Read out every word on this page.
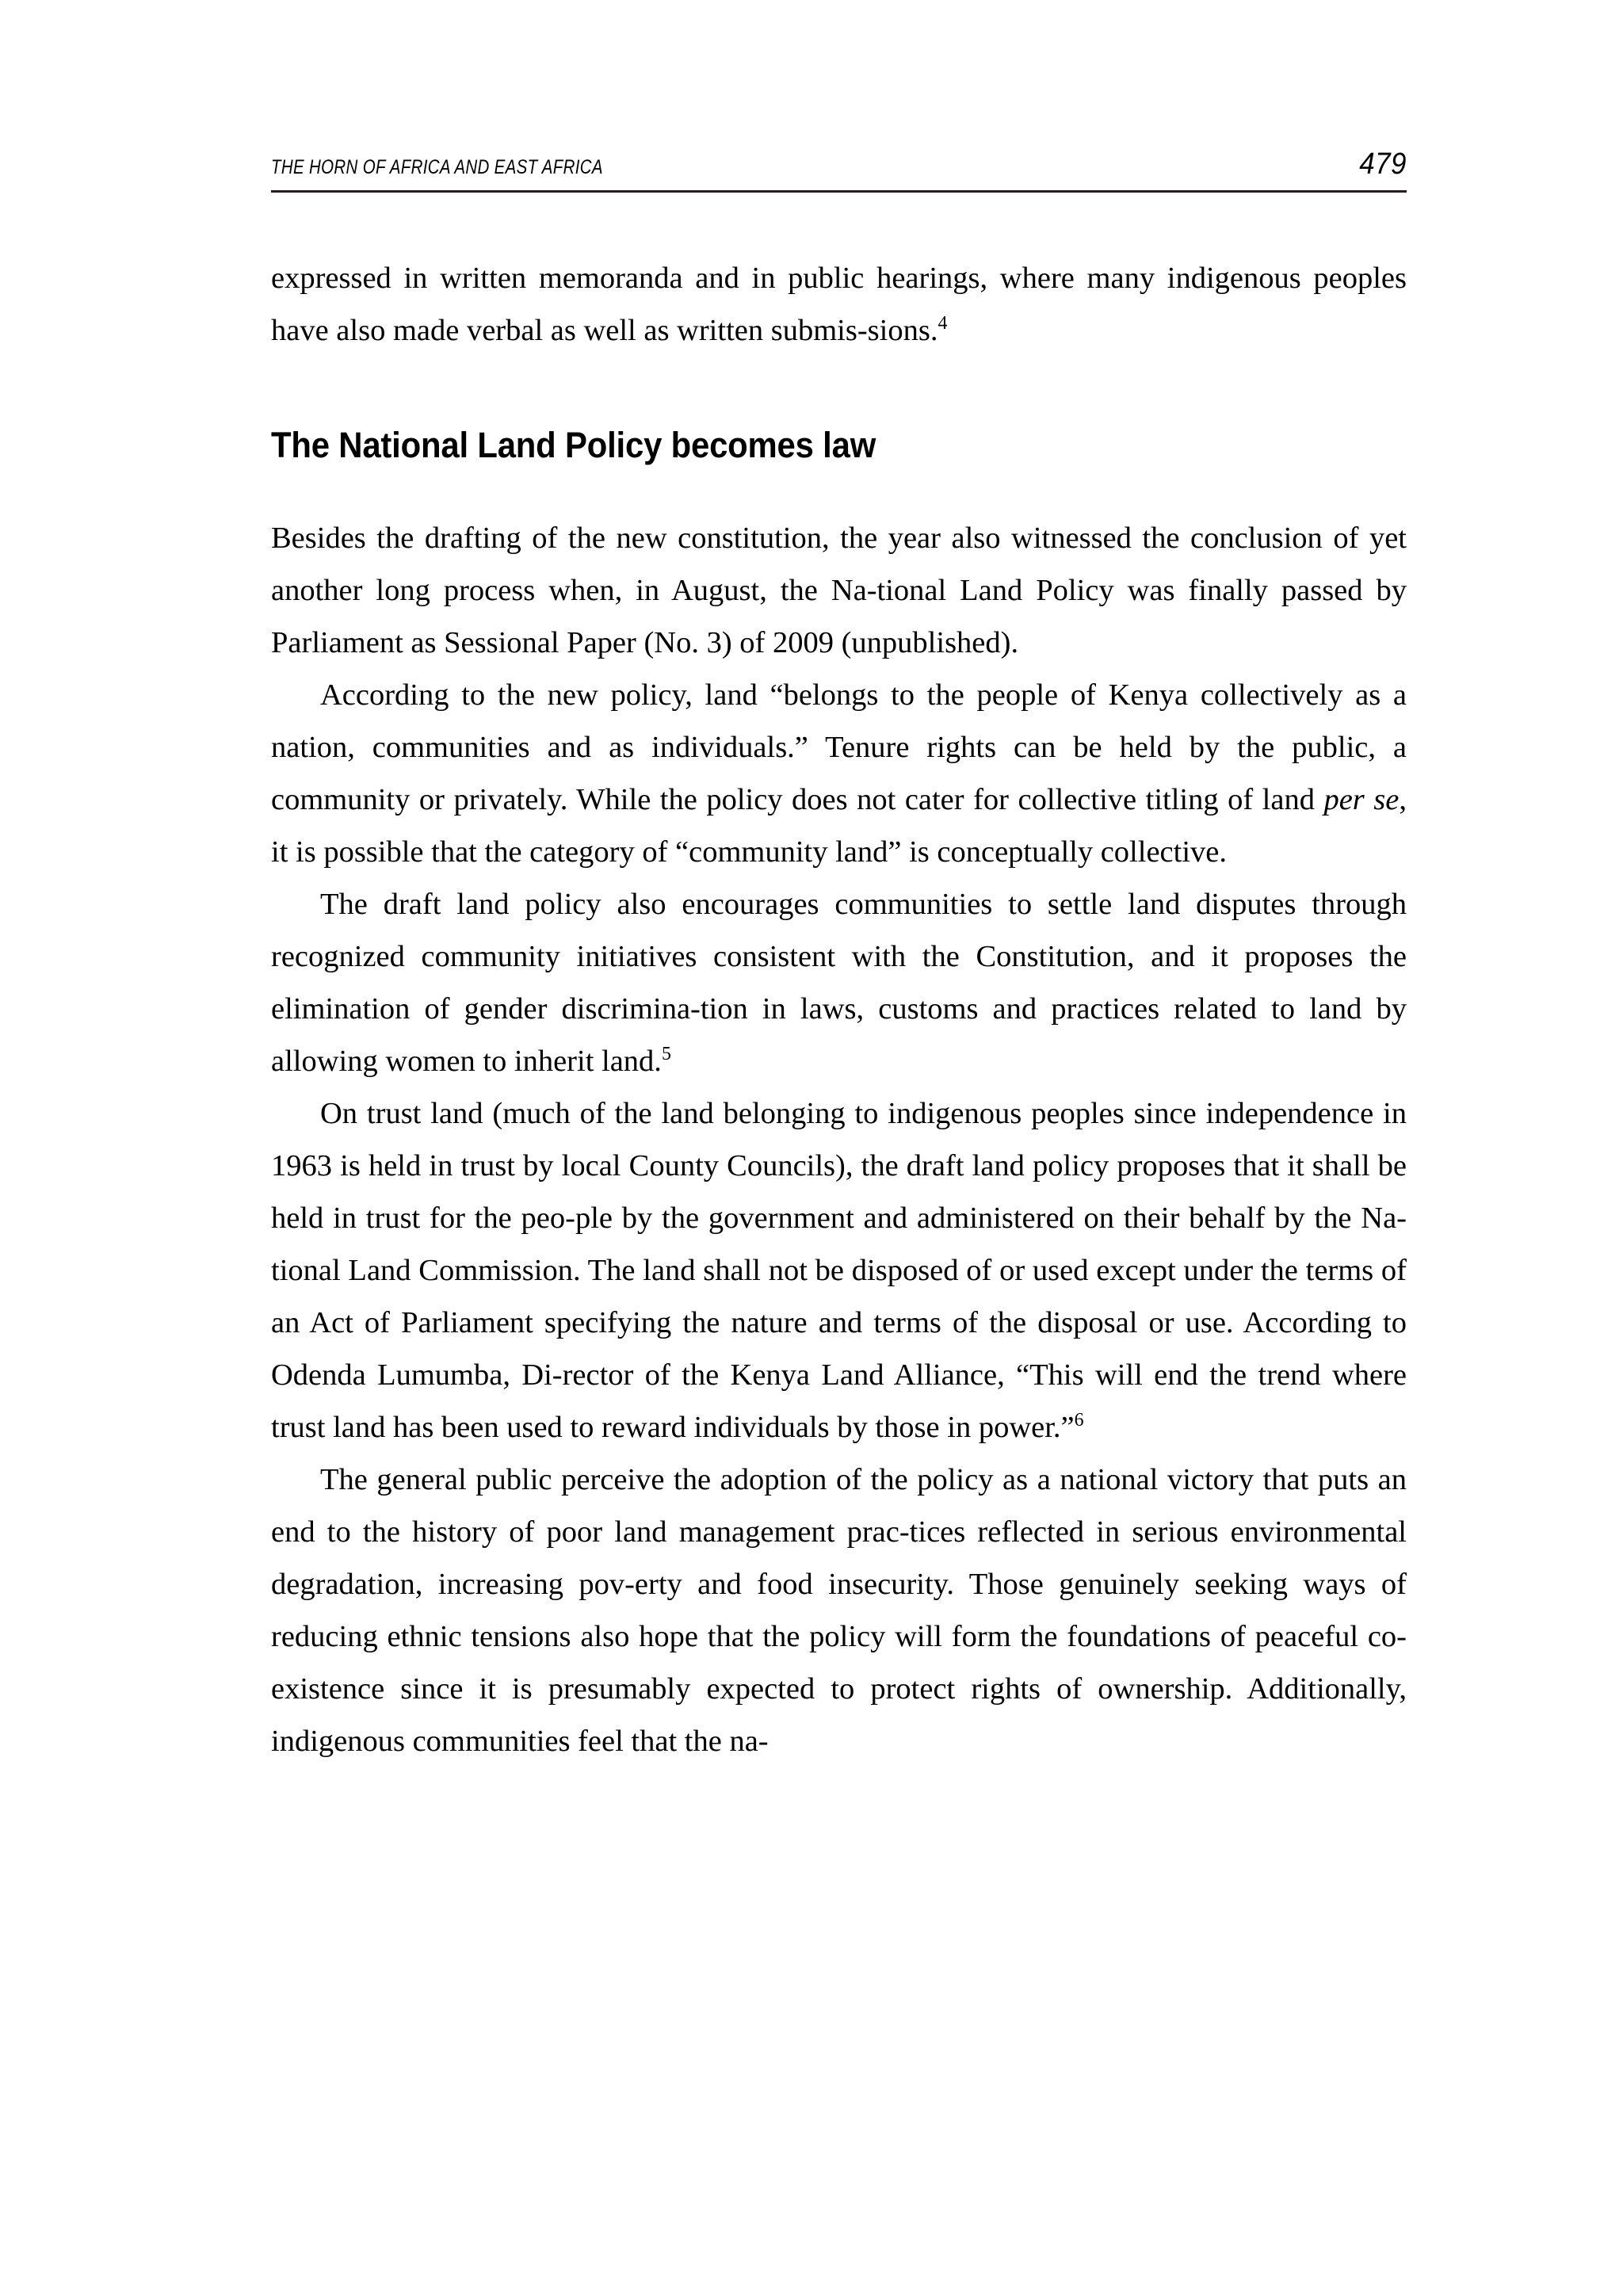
THE HORN OF AFRICA AND EAST AFRICA	479

expressed in written memoranda and in public hearings, where many indigenous peoples have also made verbal as well as written submis-sions.$^4$

The National Land Policy becomes law

Besides the drafting of the new constitution, the year also witnessed the conclusion of yet another long process when, in August, the Na-tional Land Policy was finally passed by Parliament as Sessional Paper (No. 3) of 2009 (unpublished).

According to the new policy, land “belongs to the people of Kenya collectively as a nation, communities and as individuals.” Tenure rights can be held by the public, a community or privately. While the policy does not cater for collective titling of land per se, it is possible that the category of “community land” is conceptually collective.

The draft land policy also encourages communities to settle land disputes through recognized community initiatives consistent with the Constitution, and it proposes the elimination of gender discrimina-tion in laws, customs and practices related to land by allowing women to inherit land.$^5$

On trust land (much of the land belonging to indigenous peoples since independence in 1963 is held in trust by local County Councils), the draft land policy proposes that it shall be held in trust for the peo-ple by the government and administered on their behalf by the Na-tional Land Commission. The land shall not be disposed of or used except under the terms of an Act of Parliament specifying the nature and terms of the disposal or use. According to Odenda Lumumba, Di-rector of the Kenya Land Alliance, “This will end the trend where trust land has been used to reward individuals by those in power.”$^6$

The general public perceive the adoption of the policy as a national victory that puts an end to the history of poor land management prac-tices reflected in serious environmental degradation, increasing pov-erty and food insecurity. Those genuinely seeking ways of reducing ethnic tensions also hope that the policy will form the foundations of peaceful co-existence since it is presumably expected to protect rights of ownership. Additionally, indigenous communities feel that the na-
